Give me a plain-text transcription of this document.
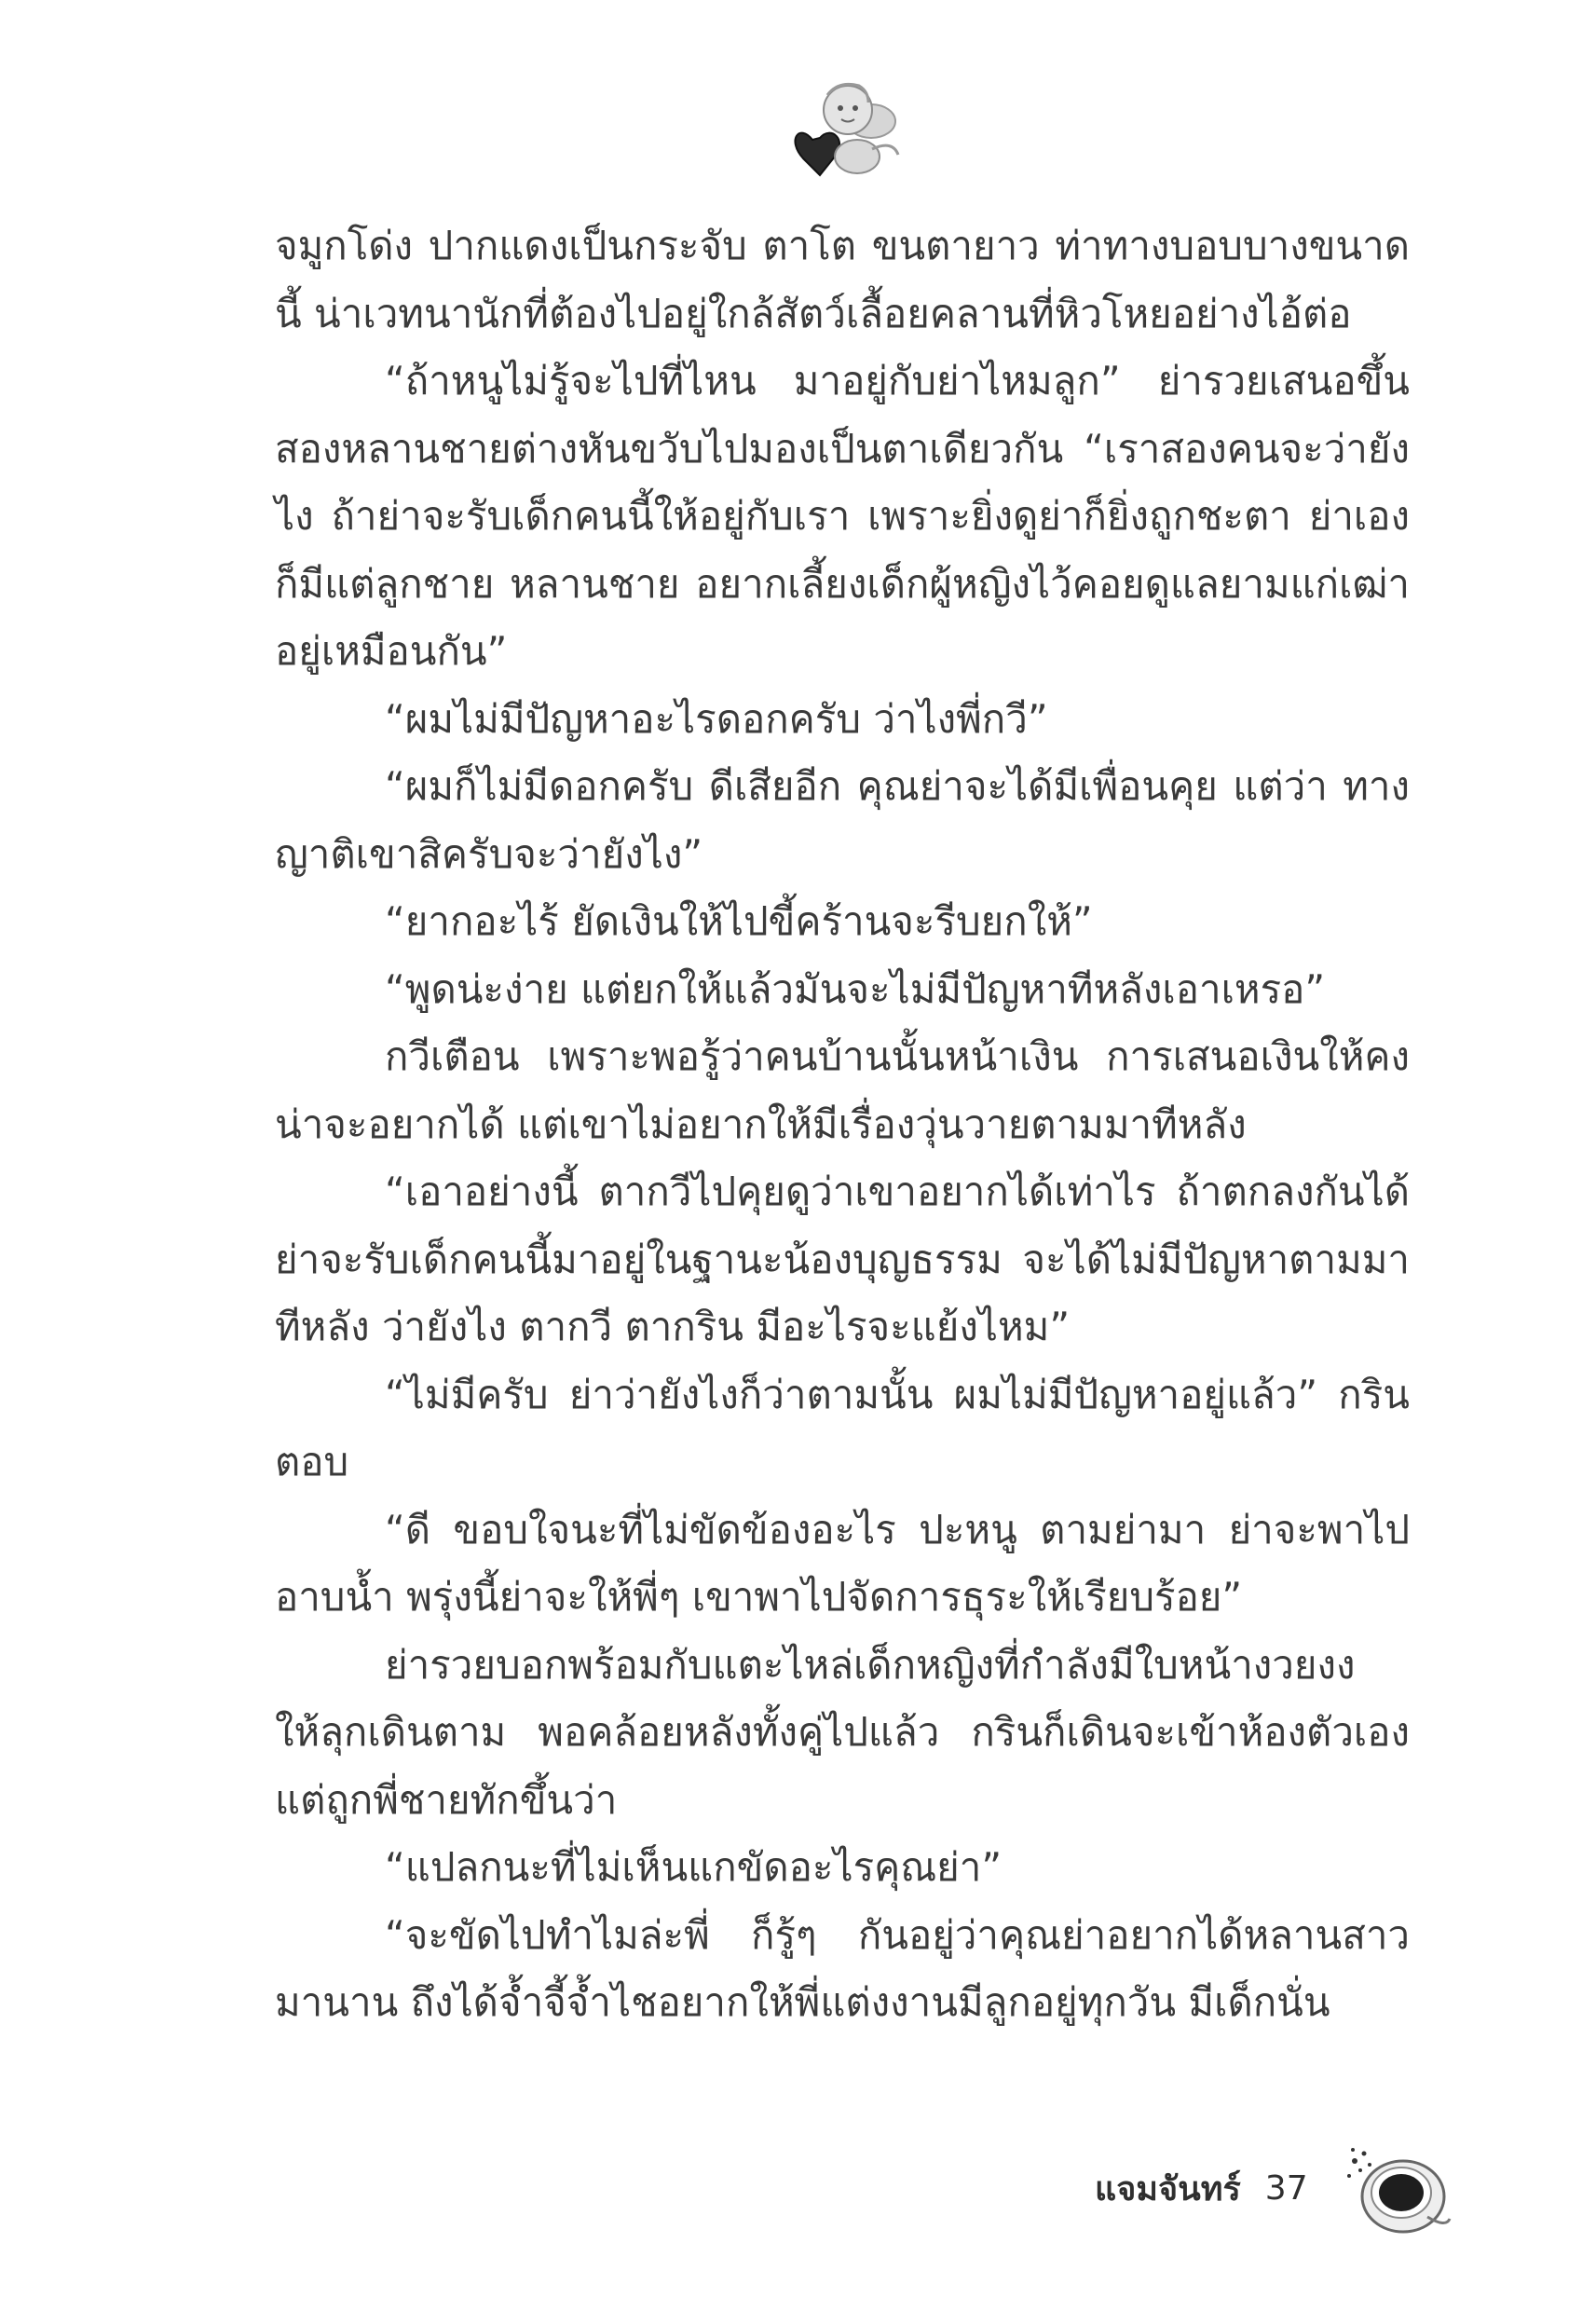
จมูกโด่ง ปากแดงเป็นกระจับ ตาโต ขนตายาว ท่าทางบอบบางขนาดนี้ น่าเวทนานักที่ต้องไปอยู่ใกล้สัตว์เลื้อยคลานที่หิวโหยอย่างไอ้ต่อ

“ถ้าหนูไม่รู้จะไปที่ไหน มาอยู่กับย่าไหมลูก” ย่ารวยเสนอขึ้น สองหลานชายต่างหันขวับไปมองเป็นตาเดียวกัน “เราสองคนจะว่ายังไง ถ้าย่าจะรับเด็กคนนี้ให้อยู่กับเรา เพราะยิ่งดูย่าก็ยิ่งถูกชะตา ย่าเอง ก็มีแต่ลูกชาย หลานชาย อยากเลี้ยงเด็กผู้หญิงไว้คอยดูแลยามแก่เฒ่า อยู่เหมือนกัน”

“ผมไม่มีปัญหาอะไรดอกครับ ว่าไงพี่กวี”

“ผมก็ไม่มีดอกครับ ดีเสียอีก คุณย่าจะได้มีเพื่อนคุย แต่ว่า ทางญาติเขาสิครับจะว่ายังไง”

“ยากอะไร้ ยัดเงินให้ไปขี้คร้านจะรีบยกให้”

“พูดน่ะง่าย แต่ยกให้แล้วมันจะไม่มีปัญหาทีหลังเอาเหรอ”

กวีเตือน เพราะพอรู้ว่าคนบ้านนั้นหน้าเงิน การเสนอเงินให้คง น่าจะอยากได้ แต่เขาไม่อยากให้มีเรื่องวุ่นวายตามมาทีหลัง

“เอาอย่างนี้ ตากวีไปคุยดูว่าเขาอยากได้เท่าไร ถ้าตกลงกันได้ ย่าจะรับเด็กคนนี้มาอยู่ในฐานะน้องบุญธรรม จะได้ไม่มีปัญหาตามมา ทีหลัง ว่ายังไง ตากวี ตากริน มีอะไรจะแย้งไหม”

“ไม่มีครับ ย่าว่ายังไงก็ว่าตามนั้น ผมไม่มีปัญหาอยู่แล้ว” กรินตอบ

“ดี ขอบใจนะที่ไม่ขัดข้องอะไร ปะหนู ตามย่ามา ย่าจะพาไป อาบน้ำ พรุ่งนี้ย่าจะให้พี่ๆ เขาพาไปจัดการธุระให้เรียบร้อย”

ย่ารวยบอกพร้อมกับแตะไหล่เด็กหญิงที่กำลังมีใบหน้างวยงง ให้ลุกเดินตาม พอคล้อยหลังทั้งคู่ไปแล้ว กรินก็เดินจะเข้าห้องตัวเอง แต่ถูกพี่ชายทักขึ้นว่า

“แปลกนะที่ไม่เห็นแกขัดอะไรคุณย่า”

“จะขัดไปทำไมล่ะพี่ ก็รู้ๆ กันอยู่ว่าคุณย่าอยากได้หลานสาว มานาน ถึงได้จ้ำจี้จ้ำไชอยากให้พี่แต่งงานมีลูกอยู่ทุกวัน มีเด็กนั่น

แจมจันทร์ 37
